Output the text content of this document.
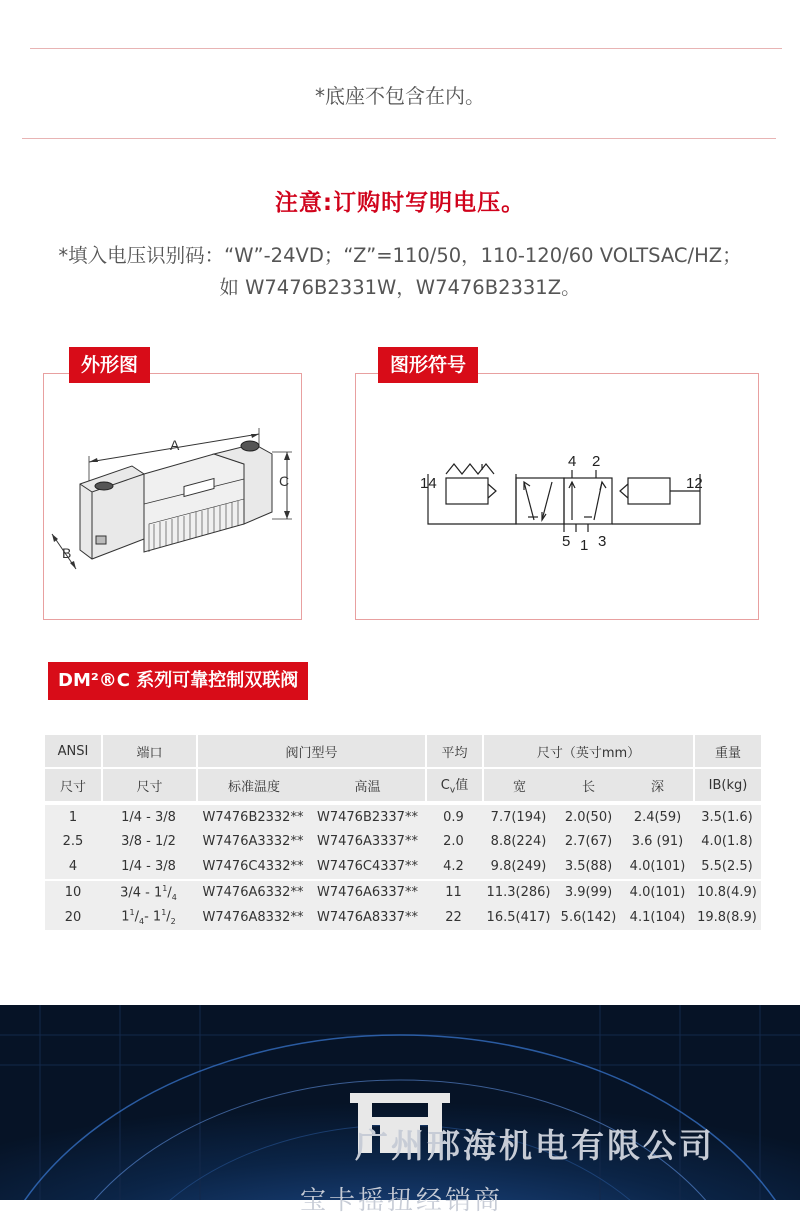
*底座不包含在内。
注意:订购时写明电压。
*填入电压识别码：“W”-24VD；“Z”=110/50，110-120/60 VOLTSAC/HZ；
如 W7476B2331W，W7476B2331Z。
A
C
B
外形图
14	12
4 2
5 1 3
图形符号
DM²®C 系列可靠控制双联阀
ANSI	端口	阀门型号		平均	尺寸（英寸mm）			重量
尺寸	尺寸	标准温度	高温	$C_v$值	宽	长	深	IB(kg)
1	1/4 - 3/8	W7476B2332**	W7476B2337**	0.9	7.7(194)	2.0(50)	2.4(59)	3.5(1.6)
2.5	3/8 - 1/2	W7476A3332**	W7476A3337**	2.0	8.8(224)	2.7(67)	3.6 (91)	4.0(1.8)
4	1/4 - 3/8	W7476C4332**	W7476C4337**	4.2	9.8(249)	3.5(88)	4.0(101)	5.5(2.5)

10	$3/4 - 1^1/_4$	W7476A6332**	W7476A6337**	11	11.3(286)	3.9(99)	4.0(101)	10.8(4.9)
20	$1^1/_4-$ $1^1/_2$	W7476A8332**	W7476A8337**	22	16.5(417)	5.6(142)	4.1(104)	19.8(8.9)
广州邢海机电有限公司
宝卡摇扭经销商
